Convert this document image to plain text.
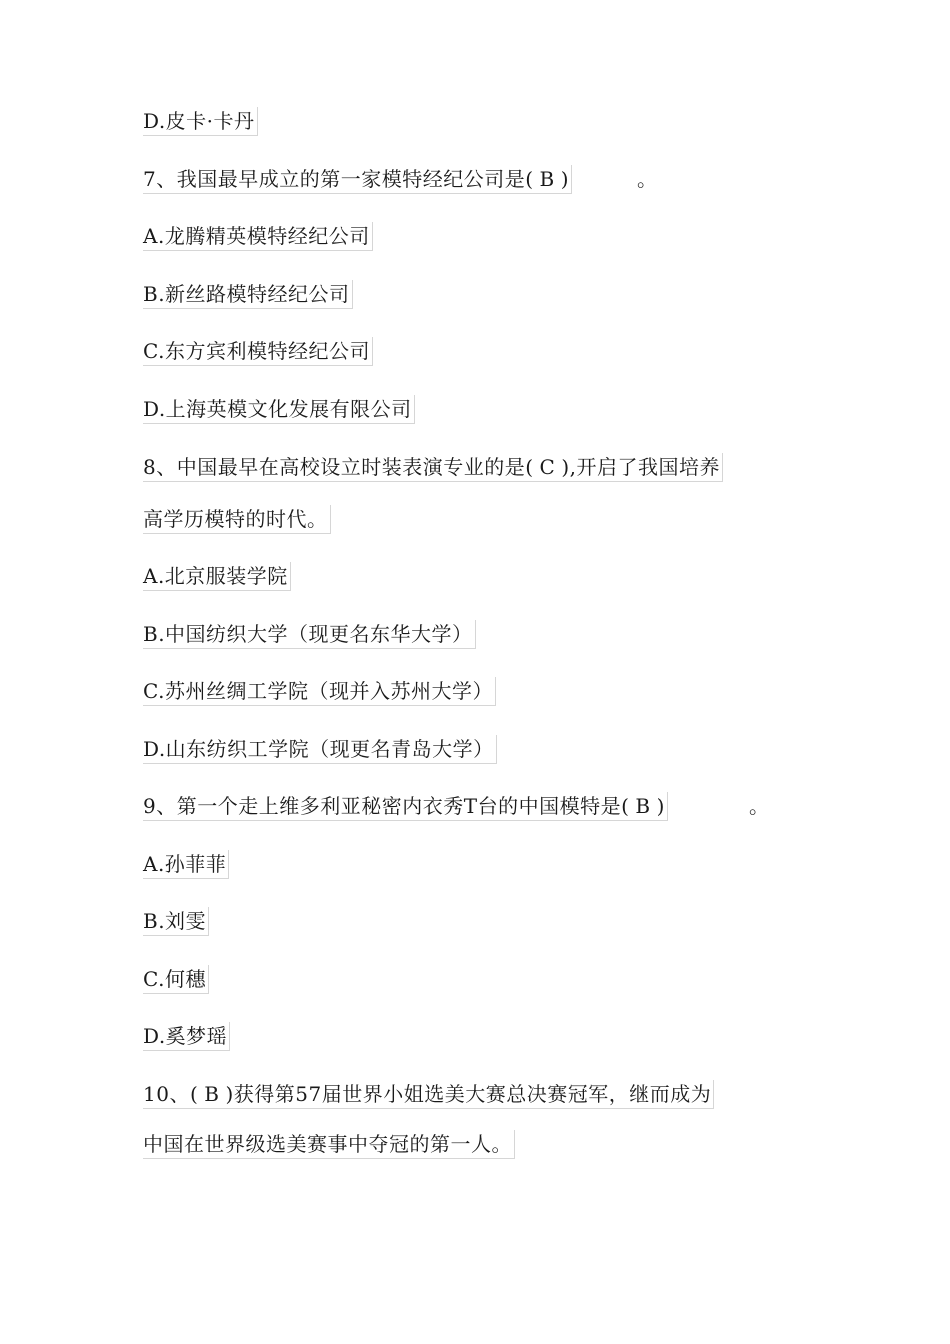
D.皮卡·卡丹
7、我国最早成立的第一家模特经纪公司是( B )	。
A.龙腾精英模特经纪公司
B.新丝路模特经纪公司
C.东方宾利模特经纪公司
D.上海英模文化发展有限公司
8、中国最早在高校设立时装表演专业的是( C ),开启了我国培养
高学历模特的时代。
A.北京服装学院
B.中国纺织大学（现更名东华大学）
C.苏州丝绸工学院（现并入苏州大学）
D.山东纺织工学院（现更名青岛大学）
9、第一个走上维多利亚秘密内衣秀T台的中国模特是( B )	。
A.孙菲菲
B.刘雯
C.何穗
D.奚梦瑶
10、( B )获得第57届世界小姐选美大赛总决赛冠军，继而成为
中国在世界级选美赛事中夺冠的第一人。
